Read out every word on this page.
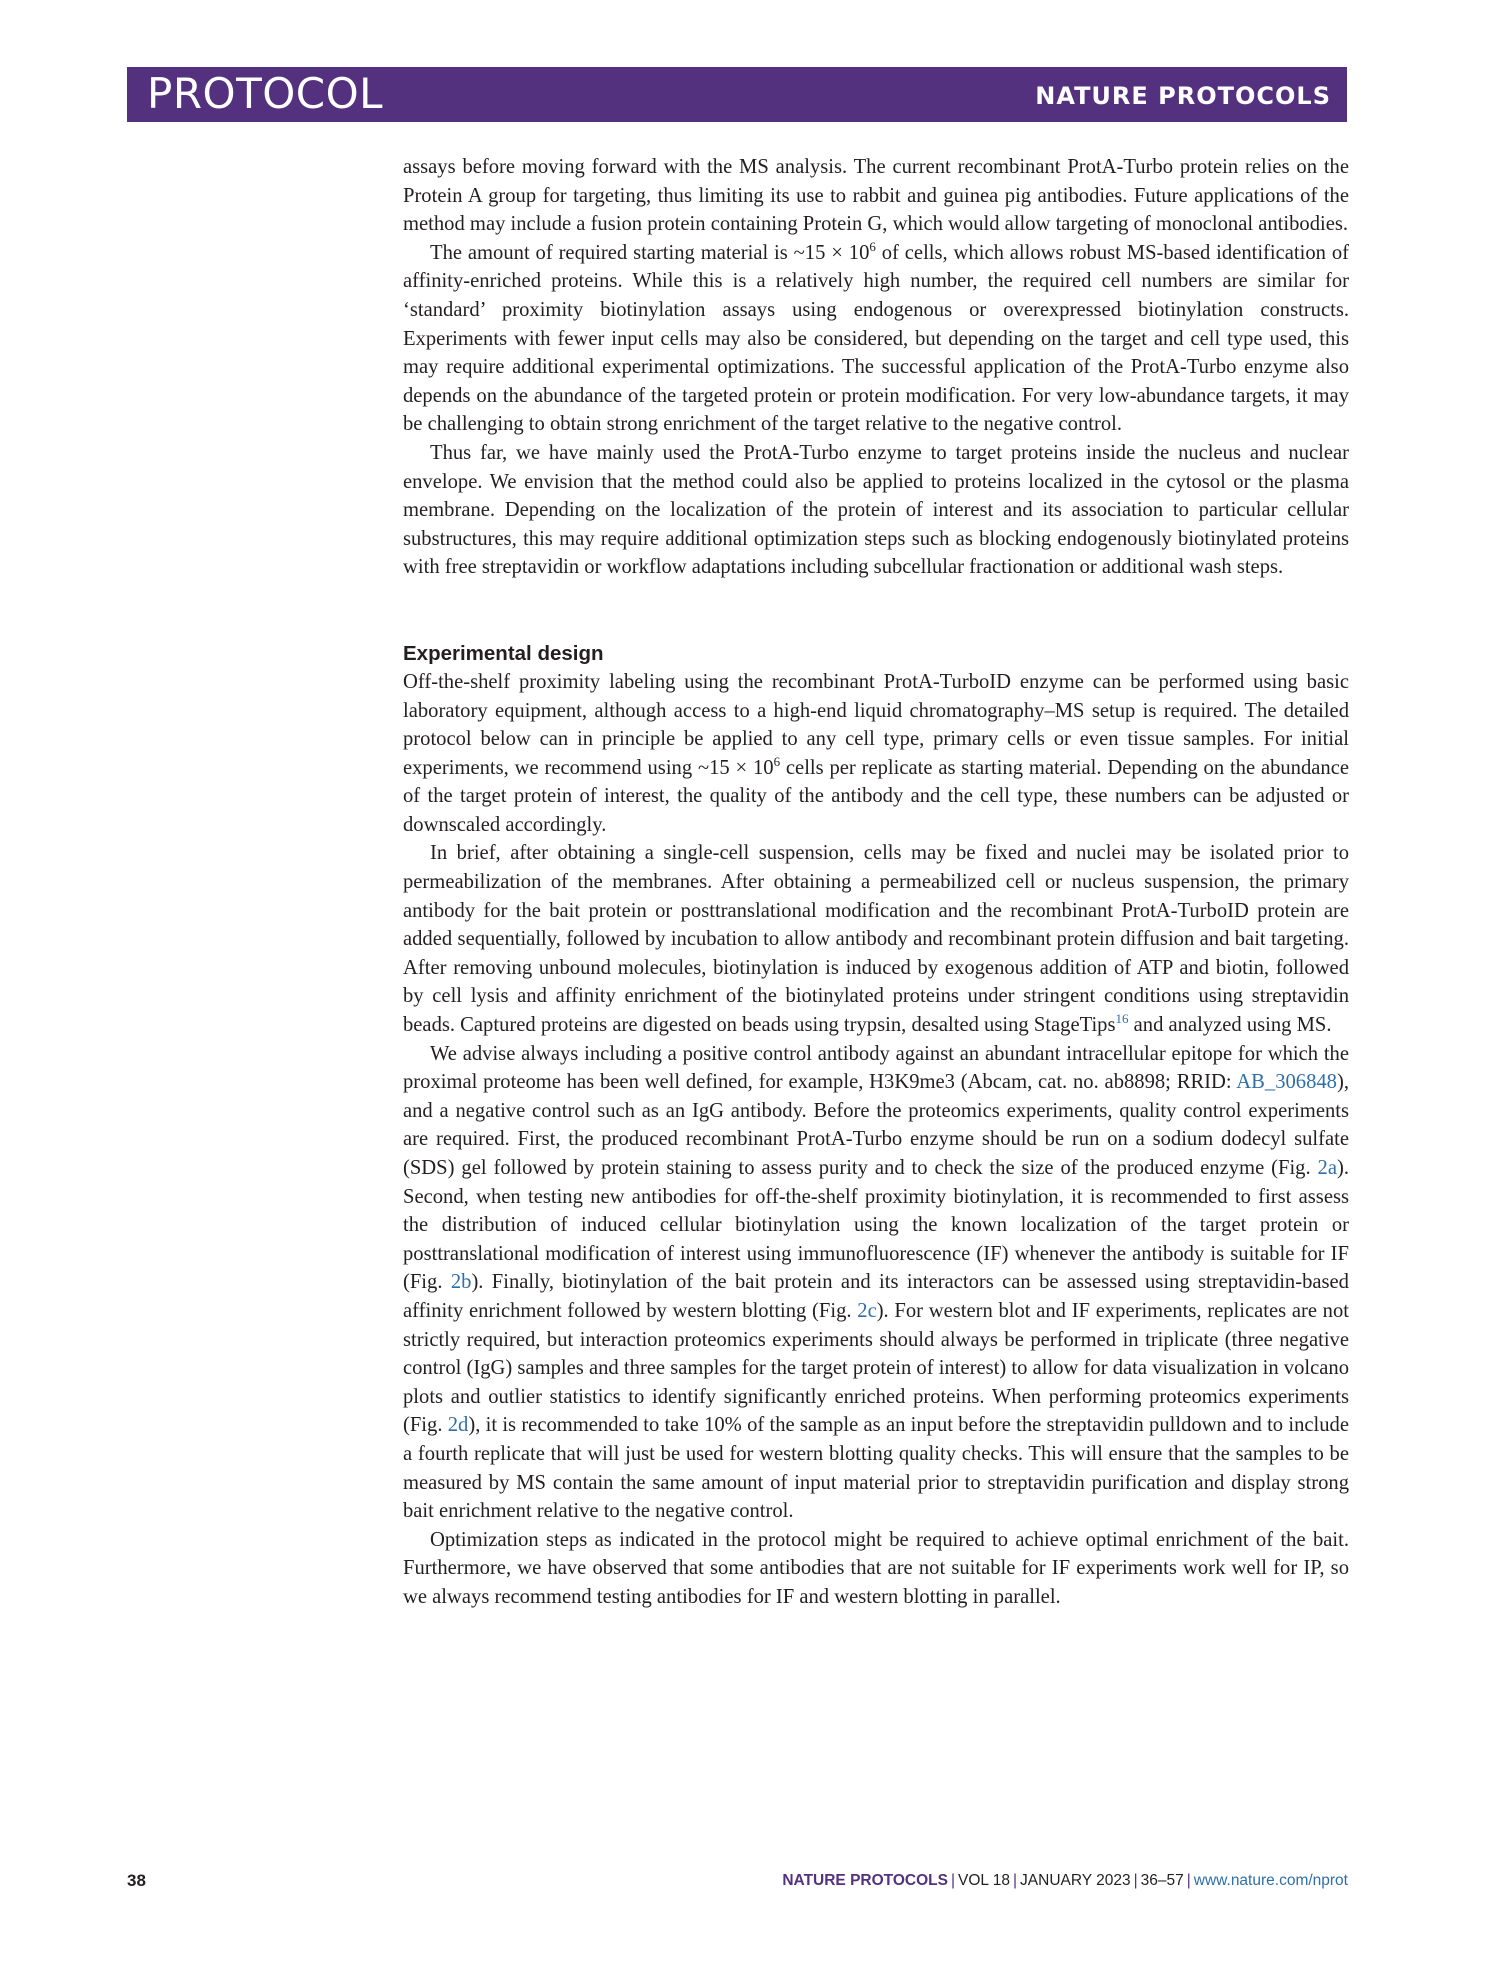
PROTOCOL	NATURE PROTOCOLS

assays before moving forward with the MS analysis. The current recombinant ProtA-Turbo protein relies on the Protein A group for targeting, thus limiting its use to rabbit and guinea pig antibodies. Future applications of the method may include a fusion protein containing Protein G, which would allow targeting of monoclonal antibodies.

The amount of required starting material is ~15 × $10^6$ of cells, which allows robust MS-based identification of affinity-enriched proteins. While this is a relatively high number, the required cell numbers are similar for ‘standard’ proximity biotinylation assays using endogenous or overexpressed biotinylation constructs. Experiments with fewer input cells may also be considered, but depending on the target and cell type used, this may require additional experimental optimizations. The successful application of the ProtA-Turbo enzyme also depends on the abundance of the targeted protein or protein modification. For very low-abundance targets, it may be challenging to obtain strong enrichment of the target relative to the negative control.

Thus far, we have mainly used the ProtA-Turbo enzyme to target proteins inside the nucleus and nuclear envelope. We envision that the method could also be applied to proteins localized in the cytosol or the plasma membrane. Depending on the localization of the protein of interest and its association to particular cellular substructures, this may require additional optimization steps such as blocking endogenously biotinylated proteins with free streptavidin or workflow adaptations including subcellular fractionation or additional wash steps.

Experimental design

Off-the-shelf proximity labeling using the recombinant ProtA-TurboID enzyme can be performed using basic laboratory equipment, although access to a high-end liquid chromatography–MS setup is required. The detailed protocol below can in principle be applied to any cell type, primary cells or even tissue samples. For initial experiments, we recommend using ~15 × $10^6$ cells per replicate as starting material. Depending on the abundance of the target protein of interest, the quality of the antibody and the cell type, these numbers can be adjusted or downscaled accordingly.

In brief, after obtaining a single-cell suspension, cells may be fixed and nuclei may be isolated prior to permeabilization of the membranes. After obtaining a permeabilized cell or nucleus suspension, the primary antibody for the bait protein or posttranslational modification and the recombinant ProtA-TurboID protein are added sequentially, followed by incubation to allow antibody and recombinant protein diffusion and bait targeting. After removing unbound molecules, biotinylation is induced by exogenous addition of ATP and biotin, followed by cell lysis and affinity enrichment of the biotinylated proteins under stringent conditions using streptavidin beads. Captured proteins are digested on beads using trypsin, desalted using StageTips$^{16}$ and analyzed using MS.

We advise always including a positive control antibody against an abundant intracellular epitope for which the proximal proteome has been well defined, for example, H3K9me3 (Abcam, cat. no. ab8898; RRID: AB_306848), and a negative control such as an IgG antibody. Before the proteomics experiments, quality control experiments are required. First, the produced recombinant ProtA-Turbo enzyme should be run on a sodium dodecyl sulfate (SDS) gel followed by protein staining to assess purity and to check the size of the produced enzyme (Fig. 2a). Second, when testing new antibodies for off-the-shelf proximity biotinylation, it is recommended to first assess the distribution of induced cellular biotinylation using the known localization of the target protein or posttranslational modification of interest using immunofluorescence (IF) whenever the antibody is suitable for IF (Fig. 2b). Finally, biotinylation of the bait protein and its interactors can be assessed using streptavidin-based affinity enrichment followed by western blotting (Fig. 2c). For western blot and IF experiments, replicates are not strictly required, but interaction proteomics experiments should always be performed in triplicate (three negative control (IgG) samples and three samples for the target protein of interest) to allow for data visualization in volcano plots and outlier statistics to identify significantly enriched proteins. When performing proteomics experiments (Fig. 2d), it is recommended to take 10% of the sample as an input before the streptavidin pulldown and to include a fourth replicate that will just be used for western blotting quality checks. This will ensure that the samples to be measured by MS contain the same amount of input material prior to streptavidin purification and display strong bait enrichment relative to the negative control.

Optimization steps as indicated in the protocol might be required to achieve optimal enrichment of the bait. Furthermore, we have observed that some antibodies that are not suitable for IF experiments work well for IP, so we always recommend testing antibodies for IF and western blotting in parallel.

38	NATURE PROTOCOLS | VOL 18 | JANUARY 2023 | 36–57 | www.nature.com/nprot
